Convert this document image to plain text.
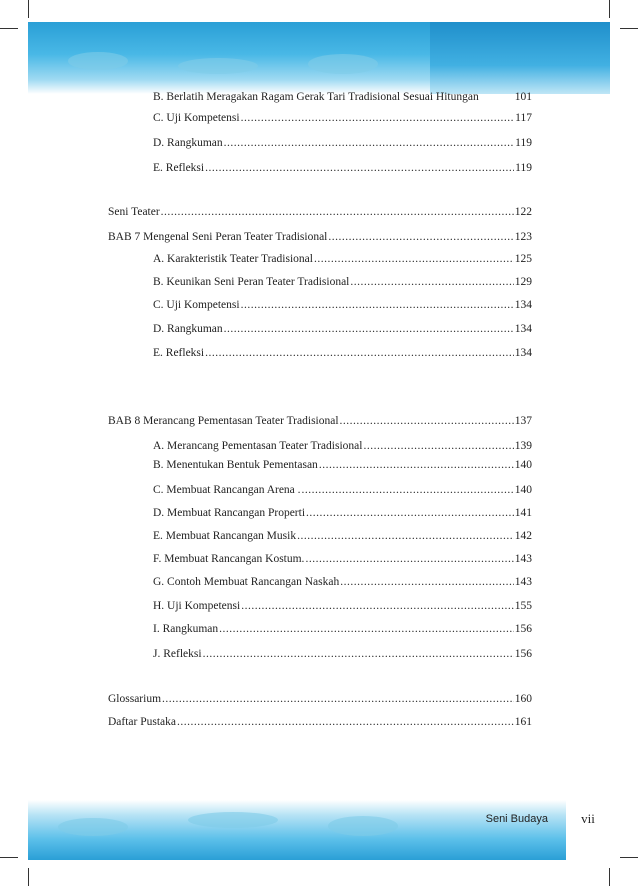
B. Berlatih Meragakan Ragam Gerak Tari Tradisional Sesuai Hitungan	101
C. Uji Kompetensi .....	117
D. Rangkuman .....	119
E. Refleksi .....	119
Seni Teater .....	122
BAB 7 Mengenal Seni Peran Teater Tradisional .....	123
A. Karakteristik Teater Tradisional .....	125
B. Keunikan Seni Peran Teater Tradisional .....	129
C. Uji Kompetensi .....	134
D. Rangkuman .....	134
E. Refleksi .....	134
BAB 8 Merancang Pementasan Teater Tradisional .....	137
A. Merancang Pementasan Teater Tradisional .....	139
B. Menentukan Bentuk Pementasan .....	140
C. Membuat Rancangan Arena . .....	140
D. Membuat Rancangan Properti .....	141
E. Membuat Rancangan Musik .....	142
F. Membuat Rancangan Kostum. .....	143
G. Contoh Membuat Rancangan Naskah .....	143
H. Uji Kompetensi .....	155
I. Rangkuman .....	156
J. Refleksi .....	156
Glossarium .....	160
Daftar Pustaka .....	161
Seni Budaya	vii
